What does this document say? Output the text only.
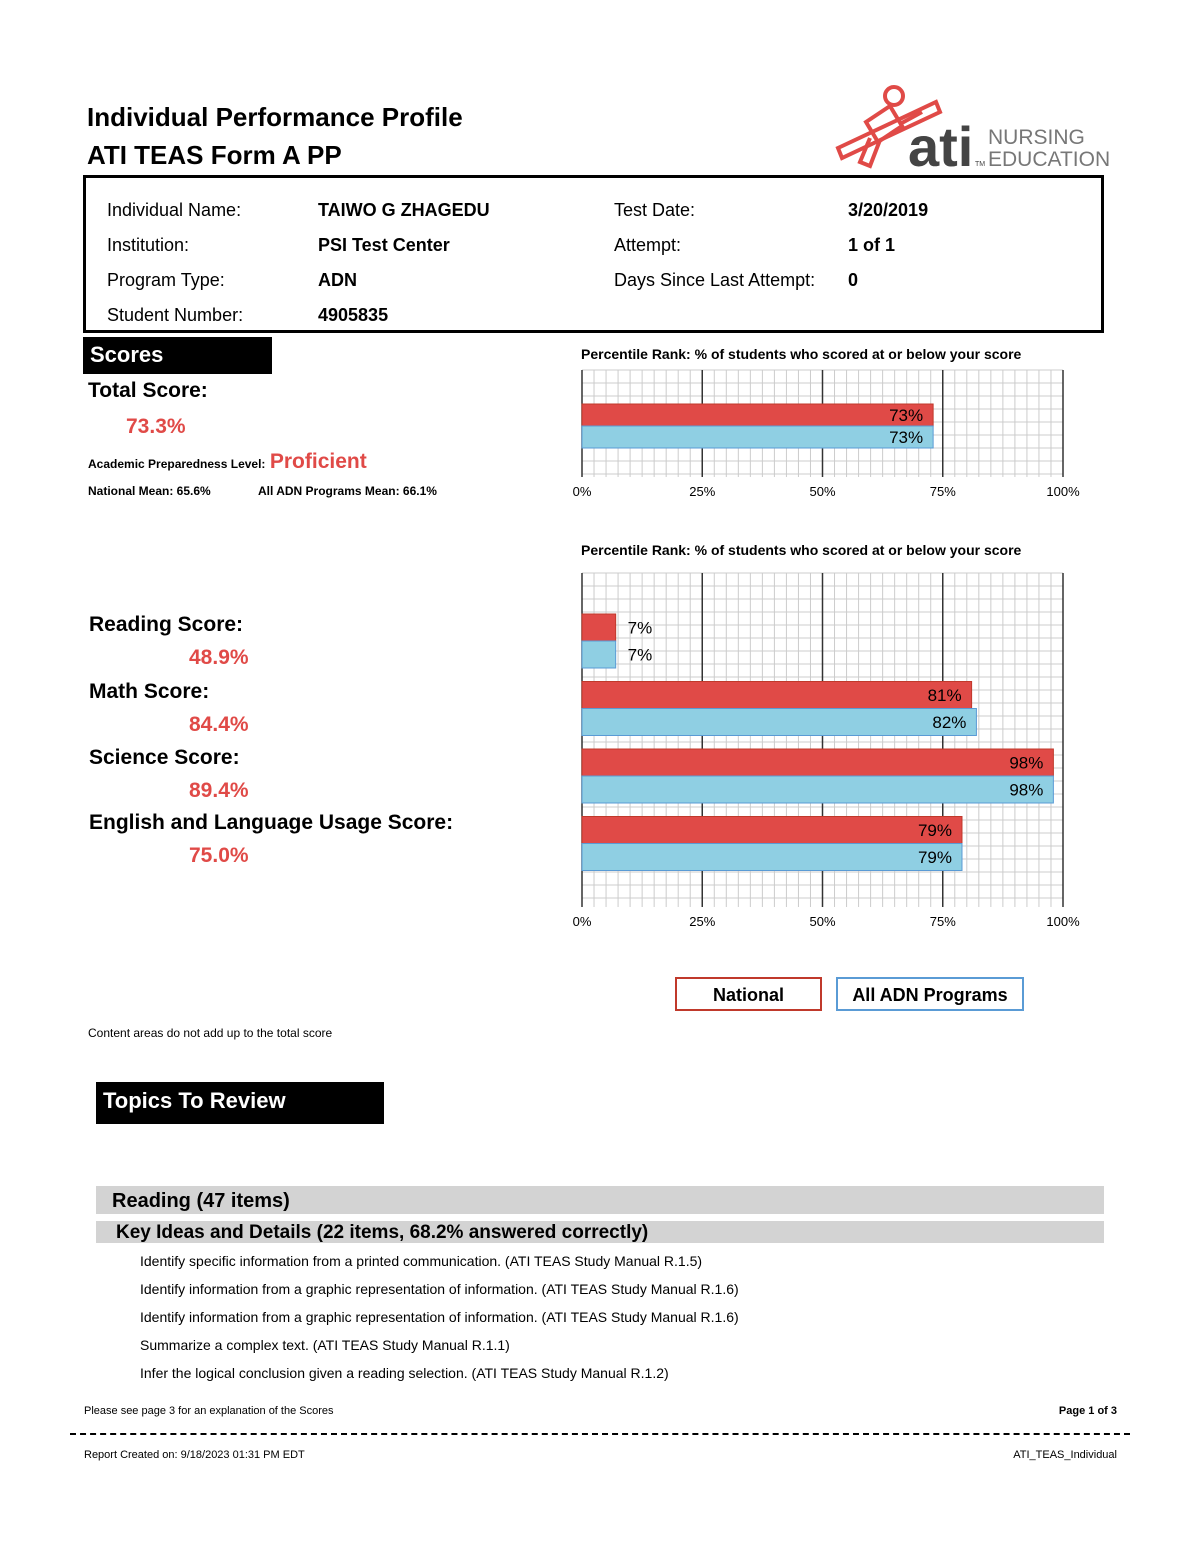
Individual Performance Profile
ATI TEAS Form A PP	ati TM
NURSING
EDUCATION
Individual Name:	TAIWO G ZHAGEDU
Institution:	PSI Test Center
Program Type:	ADN
Student Number:	4905835
Test Date:	3/20/2019
Attempt:	1 of 1
Days Since Last Attempt: 0
Scores
Total Score:
73.3%
Academic Preparedness Level: Proficient
National Mean: 65.6%	All ADN Programs Mean: 66.1%
Percentile Rank: % of students who scored at or below your score
73%
73%
0%	25%	50%	75%	100%
Percentile Rank: % of students who scored at or below your score
7%
7%
81%
82%
98%
98%
79%
79%
0%	25%	50%	75%	100%
Reading Score:
48.9%
Math Score:
84.4%
Science Score:
89.4%
English and Language Usage Score:
75.0%
National	All ADN Programs
Content areas do not add up to the total score
Topics To Review
Reading (47 items)
Key Ideas and Details (22 items, 68.2% answered correctly)
Identify specific information from a printed communication. (ATI TEAS Study Manual R.1.5)
Identify information from a graphic representation of information. (ATI TEAS Study Manual R.1.6)
Identify information from a graphic representation of information. (ATI TEAS Study Manual R.1.6)
Summarize a complex text. (ATI TEAS Study Manual R.1.1)
Infer the logical conclusion given a reading selection. (ATI TEAS Study Manual R.1.2)
Please see page 3 for an explanation of the Scores	Page 1 of 3
Report Created on: 9/18/2023 01:31 PM EDT	ATI_TEAS_Individual
